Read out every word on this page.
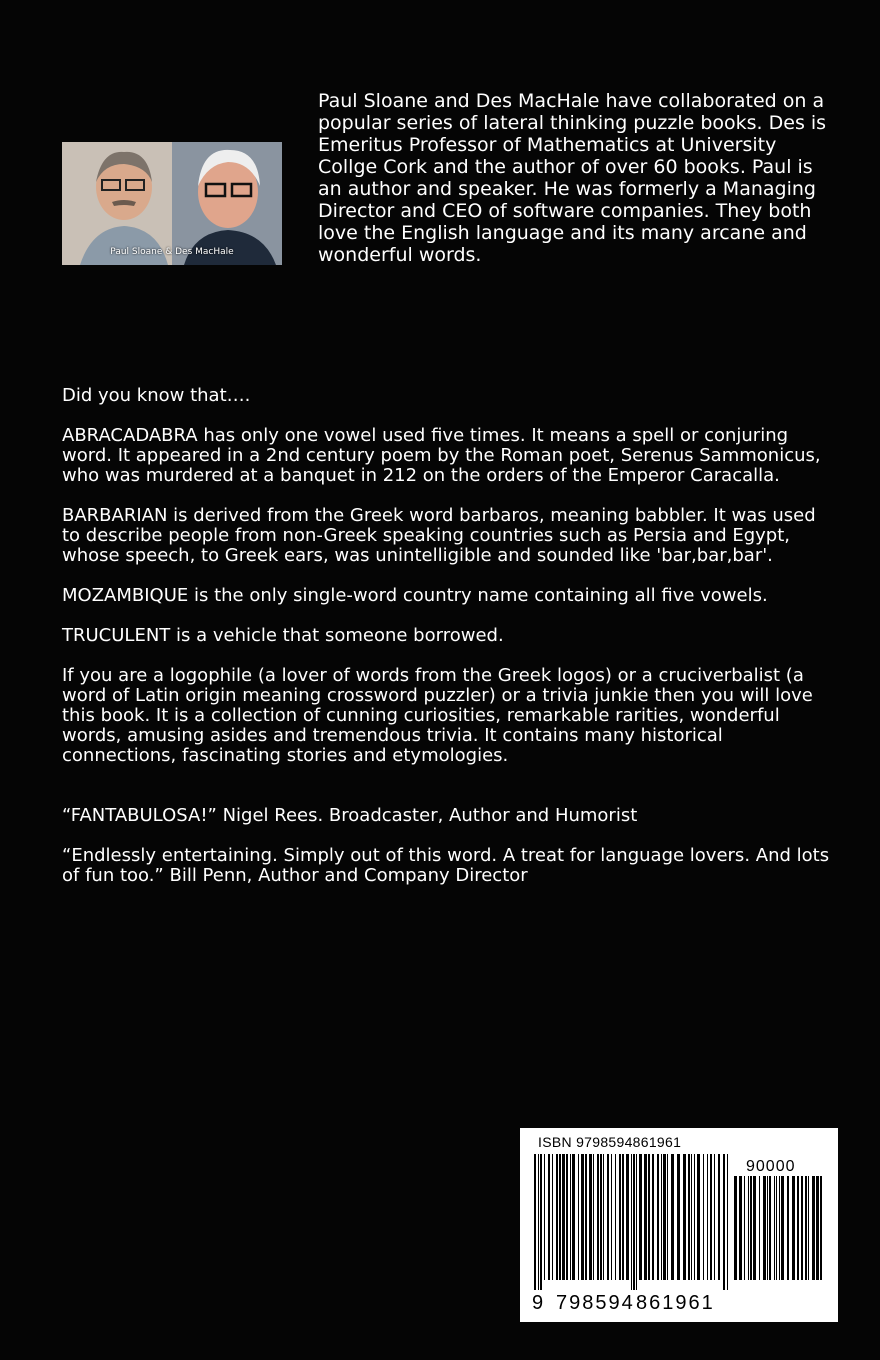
Paul Sloane & Des MacHale

Paul Sloane and Des MacHale have collaborated on a popular series of lateral thinking puzzle books. Des is Emeritus Professor of Mathematics at University Collge Cork and the author of over 60 books. Paul is an author and speaker. He was formerly a Managing Director and CEO of software companies. They both love the English language and its many arcane and wonderful words.

Did you know that….

ABRACADABRA has only one vowel used five times. It means a spell or conjuring word. It appeared in a 2nd century poem by the Roman poet, Serenus Sammonicus, who was murdered at a banquet in 212 on the orders of the Emperor Caracalla.

BARBARIAN is derived from the Greek word barbaros, meaning babbler. It was used to describe people from non-Greek speaking countries such as Persia and Egypt, whose speech, to Greek ears, was unintelligible and sounded like 'bar,bar,bar'.

MOZAMBIQUE is the only single-word country name containing all five vowels.

TRUCULENT is a vehicle that someone borrowed.

If you are a logophile (a lover of words from the Greek logos) or a cruciverbalist (a word of Latin origin meaning crossword puzzler) or a trivia junkie then you will love this book. It is a collection of cunning curiosities, remarkable rarities, wonderful words, amusing asides and tremendous trivia. It contains many historical connections, fascinating stories and etymologies.

“FANTABULOSA!” Nigel Rees. Broadcaster, Author and Humorist

“Endlessly entertaining. Simply out of this word. A treat for language lovers. And lots of fun too.” Bill Penn, Author and Company Director

ISBN 9798594861961
90000
9 798594 861961
